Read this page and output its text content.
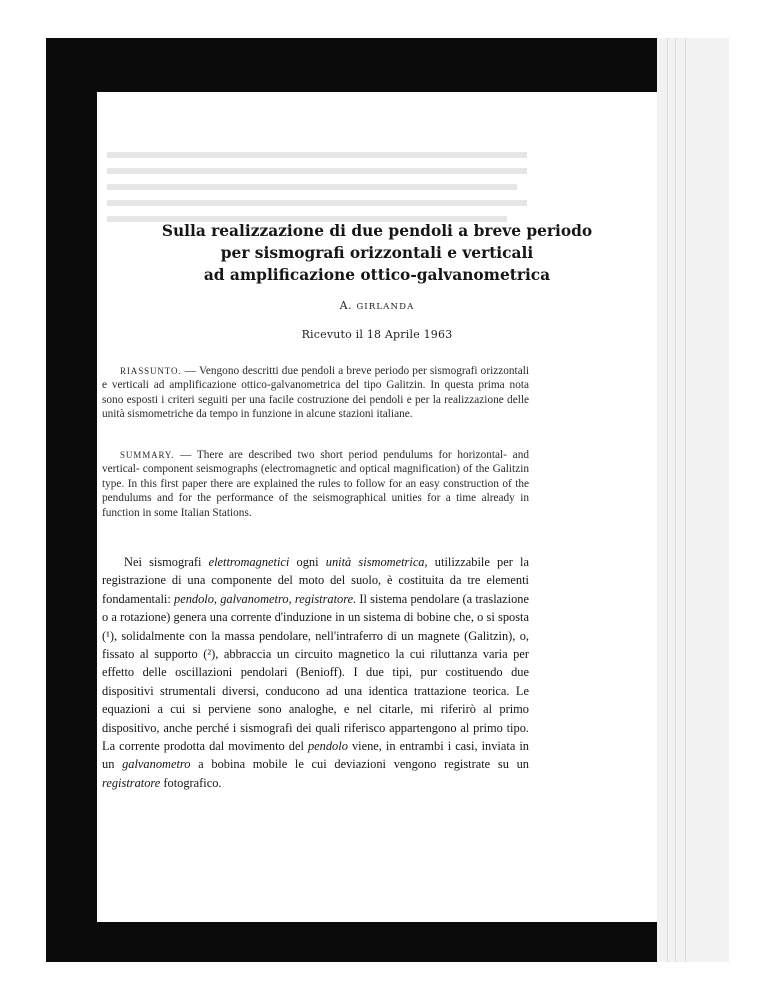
Sulla realizzazione di due pendoli a breve periodo
per sismografi orizzontali e verticali
ad amplificazione ottico-galvanometrica
A. GIRLANDA
Ricevuto il 18 Aprile 1963

RIASSUNTO. — Vengono descritti due pendoli a breve periodo per sismografi orizzontali e verticali ad amplificazione ottico-galvanometrica del tipo Galitzin. In questa prima nota sono esposti i criteri seguiti per una facile costruzione dei pendoli e per la realizzazione delle unità sismometriche da tempo in funzione in alcune stazioni italiane.

SUMMARY. — There are described two short period pendulums for horizontal- and vertical- component seismographs (electromagnetic and optical magnification) of the Galitzin type. In this first paper there are explained the rules to follow for an easy construction of the pendulums and for the performance of the seismographical unities for a time already in function in some Italian Stations.

Nei sismografi elettromagnetici ogni unità sismometrica, utilizzabile per la registrazione di una componente del moto del suolo, è costituita da tre elementi fondamentali: pendolo, galvanometro, registratore. Il sistema pendolare (a traslazione o a rotazione) genera una corrente d'induzione in un sistema di bobine che, o si sposta (¹), solidalmente con la massa pendolare, nell'intraferro di un magnete (Galitzin), o, fissato al supporto (²), abbraccia un circuito magnetico la cui riluttanza varia per effetto delle oscillazioni pendolari (Benioff). I due tipi, pur costituendo due dispositivi strumentali diversi, conducono ad una identica trattazione teorica. Le equazioni a cui si perviene sono analoghe, e nel citarle, mi riferirò al primo dispositivo, anche perché i sismografi dei quali riferisco appartengono al primo tipo. La corrente prodotta dal movimento del pendolo viene, in entrambi i casi, inviata in un galvanometro a bobina mobile le cui deviazioni vengono registrate su un registratore fotografico.
